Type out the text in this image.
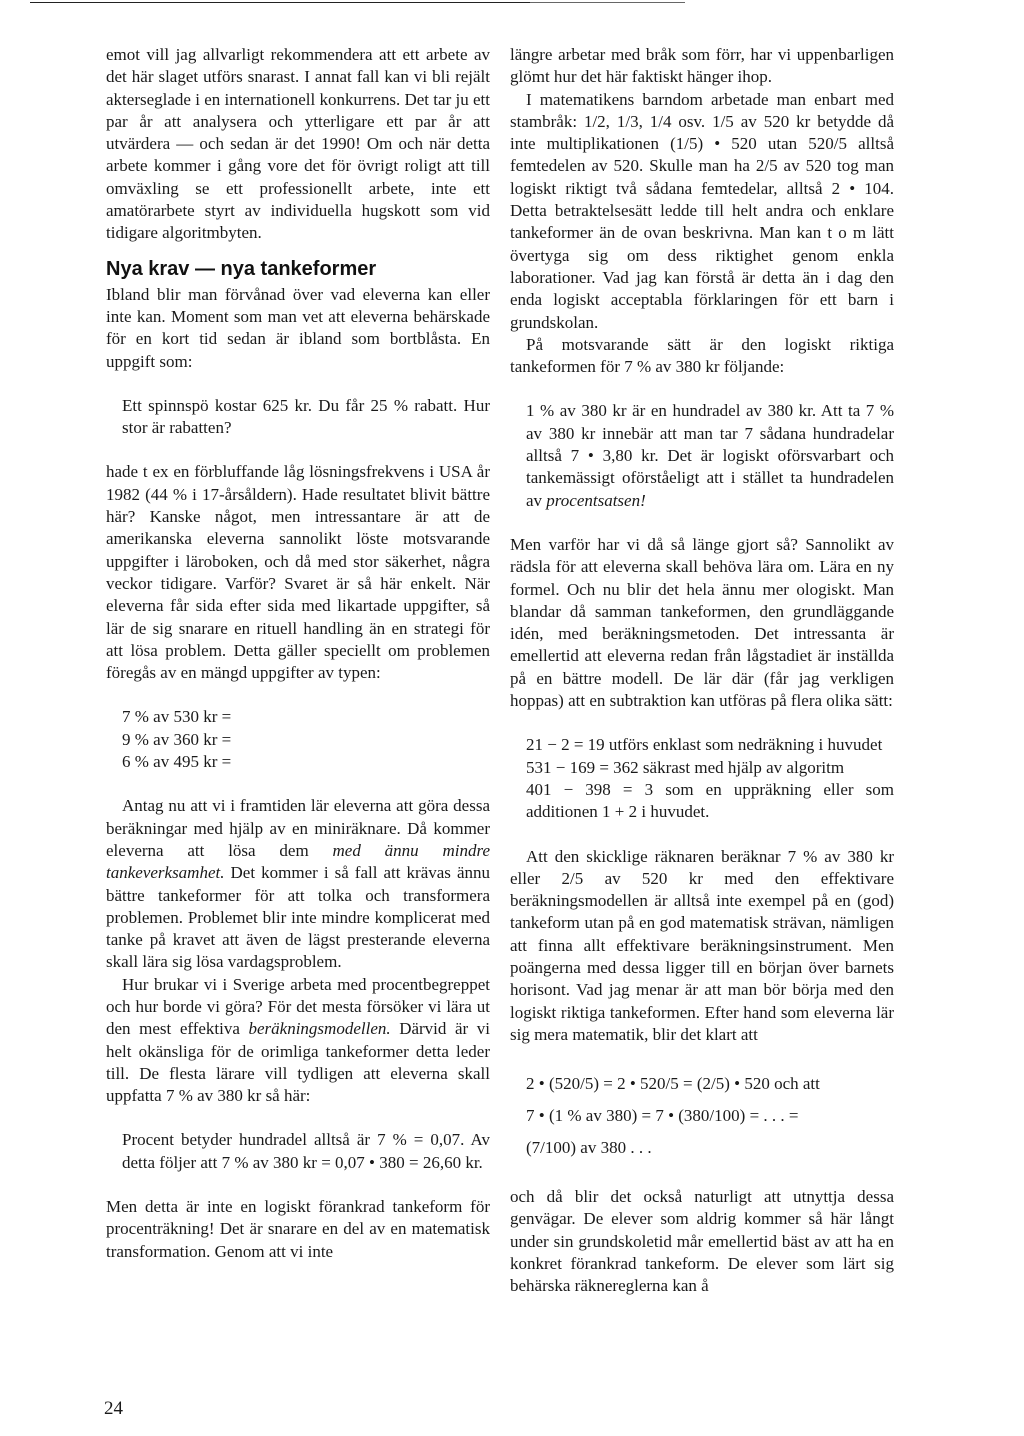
emot vill jag allvarligt rekommendera att ett arbete av det här slaget utförs snarast. I annat fall kan vi bli rejält akterseglade i en internationell konkurrens. Det tar ju ett par år att analysera och ytterligare ett par år att utvärdera — och sedan är det 1990! Om och när detta arbete kommer i gång vore det för övrigt roligt att till omväxling se ett professionellt arbete, inte ett amatörarbete styrt av individuella hugskott som vid tidigare algoritmbyten.

Nya krav — nya tankeformer

Ibland blir man förvånad över vad eleverna kan eller inte kan. Moment som man vet att eleverna behärskade för en kort tid sedan är ibland som bortblåsta. En uppgift som:

Ett spinnspö kostar 625 kr. Du får 25 % rabatt. Hur stor är rabatten?

hade t ex en förbluffande låg lösningsfrekvens i USA år 1982 (44 % i 17-årsåldern). Hade resultatet blivit bättre här? Kanske något, men intressantare är att de amerikanska eleverna sannolikt löste motsvarande uppgifter i läroboken, och då med stor säkerhet, några veckor tidigare. Varför? Svaret är så här enkelt. När eleverna får sida efter sida med likartade uppgifter, så lär de sig snarare en rituell handling än en strategi för att lösa problem. Detta gäller speciellt om problemen föregås av en mängd uppgifter av typen:

7 % av 530 kr =
9 % av 360 kr =
6 % av 495 kr =

Antag nu att vi i framtiden lär eleverna att göra dessa beräkningar med hjälp av en miniräknare. Då kommer eleverna att lösa dem med ännu mindre tankeverksamhet. Det kommer i så fall att krävas ännu bättre tankeformer för att tolka och transformera problemen. Problemet blir inte mindre komplicerat med tanke på kravet att även de lägst presterande eleverna skall lära sig lösa vardagsproblem.

Hur brukar vi i Sverige arbeta med procentbegreppet och hur borde vi göra? För det mesta försöker vi lära ut den mest effektiva beräkningsmodellen. Därvid är vi helt okänsliga för de orimliga tankeformer detta leder till. De flesta lärare vill tydligen att eleverna skall uppfatta 7 % av 380 kr så här:

Procent betyder hundradel alltså är 7 % = 0,07. Av detta följer att 7 % av 380 kr = 0,07 • 380 = 26,60 kr.

Men detta är inte en logiskt förankrad tankeform för procenträkning! Det är snarare en del av en matematisk transformation. Genom att vi inte

längre arbetar med bråk som förr, har vi uppenbarligen glömt hur det här faktiskt hänger ihop.

I matematikens barndom arbetade man enbart med stambråk: 1/2, 1/3, 1/4 osv. 1/5 av 520 kr betydde då inte multiplikationen (1/5) • 520 utan 520/5 alltså femtedelen av 520. Skulle man ha 2/5 av 520 tog man logiskt riktigt två sådana femtedelar, alltså 2 • 104. Detta betraktelsesätt ledde till helt andra och enklare tankeformer än de ovan beskrivna. Man kan t o m lätt övertyga sig om dess riktighet genom enkla laborationer. Vad jag kan förstå är detta än i dag den enda logiskt acceptabla förklaringen för ett barn i grundskolan.

På motsvarande sätt är den logiskt riktiga tankeformen för 7 % av 380 kr följande:

1 % av 380 kr är en hundradel av 380 kr. Att ta 7 % av 380 kr innebär att man tar 7 sådana hundradelar alltså 7 • 3,80 kr. Det är logiskt oförsvarbart och tankemässigt oförståeligt att i stället ta hundradelen av procentsatsen!

Men varför har vi då så länge gjort så? Sannolikt av rädsla för att eleverna skall behöva lära om. Lära en ny formel. Och nu blir det hela ännu mer ologiskt. Man blandar då samman tankeformen, den grundläggande idén, med beräkningsmetoden. Det intressanta är emellertid att eleverna redan från lågstadiet är inställda på en bättre modell. De lär där (får jag verkligen hoppas) att en subtraktion kan utföras på flera olika sätt:

21 − 2 = 19 utförs enklast som nedräkning i huvudet

531 − 169 = 362 säkrast med hjälp av algoritm

401 − 398 = 3 som en uppräkning eller som additionen 1 + 2 i huvudet.

Att den skicklige räknaren beräknar 7 % av 380 kr eller 2/5 av 520 kr med den effektivare beräkningsmodellen är alltså inte exempel på en (god) tankeform utan på en god matematisk strävan, nämligen att finna allt effektivare beräkningsinstrument. Men poängerna med dessa ligger till en början över barnets horisont. Vad jag menar är att man bör börja med den logiskt riktiga tankeformen. Efter hand som eleverna lär sig mera matematik, blir det klart att

2 • (520/5) = 2 • 520/5 = (2/5) • 520 och att
7 • (1 % av 380) = 7 • (380/100) = . . . =
(7/100) av 380 . . .

och då blir det också naturligt att utnyttja dessa genvägar. De elever som aldrig kommer så här långt under sin grundskoletid mår emellertid bäst av att ha en konkret förankrad tankeform. De elever som lärt sig behärska räknereglerna kan å

24
